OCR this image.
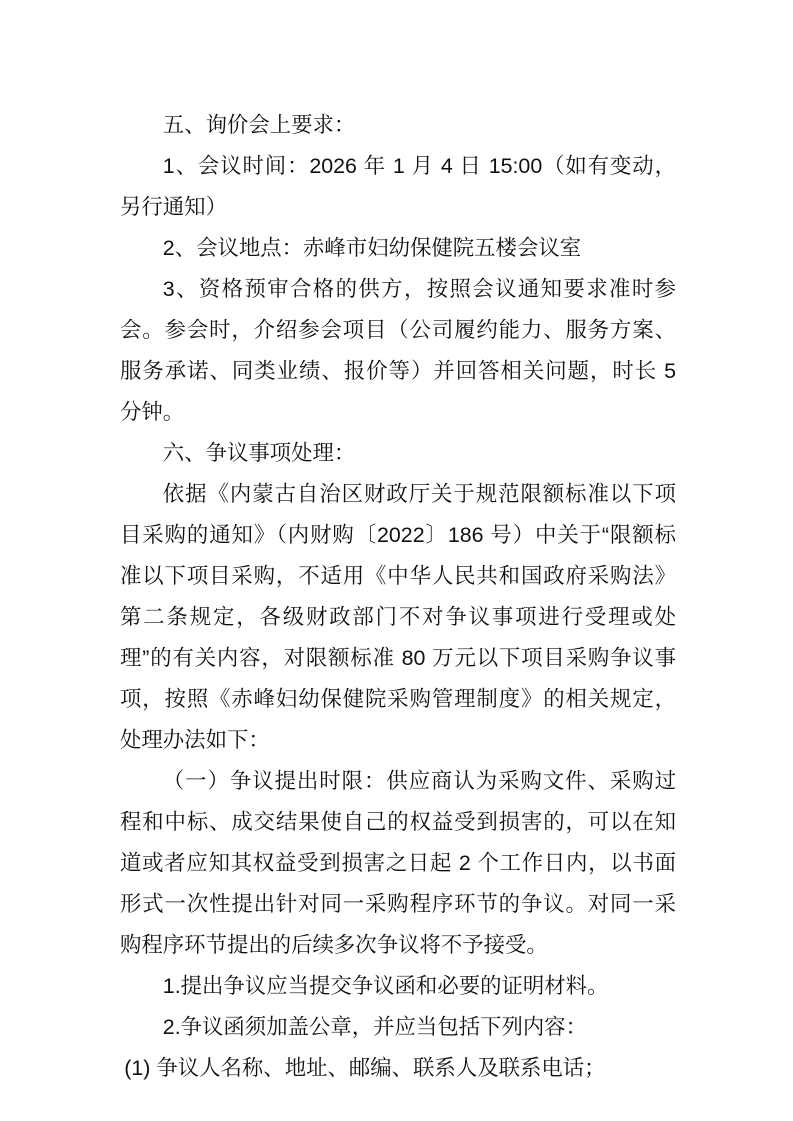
五、询价会上要求：

1、会议时间：2026 年 1 月 4 日 15:00（如有变动，另行通知）

2、会议地点：赤峰市妇幼保健院五楼会议室

3、资格预审合格的供方，按照会议通知要求准时参会。参会时，介绍参会项目（公司履约能力、服务方案、服务承诺、同类业绩、报价等）并回答相关问题，时长 5 分钟。

六、争议事项处理：

依据《内蒙古自治区财政厅关于规范限额标准以下项目采购的通知》（内财购〔2022〕186 号）中关于“限额标准以下项目采购，不适用《中华人民共和国政府采购法》第二条规定，各级财政部门不对争议事项进行受理或处理”的有关内容，对限额标准 80 万元以下项目采购争议事项，按照《赤峰妇幼保健院采购管理制度》的相关规定，处理办法如下：

（一）争议提出时限：供应商认为采购文件、采购过程和中标、成交结果使自己的权益受到损害的，可以在知道或者应知其权益受到损害之日起 2 个工作日内，以书面形式一次性提出针对同一采购程序环节的争议。对同一采购程序环节提出的后续多次争议将不予接受。

1.提出争议应当提交争议函和必要的证明材料。

2.争议函须加盖公章，并应当包括下列内容：

(1) 争议人名称、地址、邮编、联系人及联系电话；
